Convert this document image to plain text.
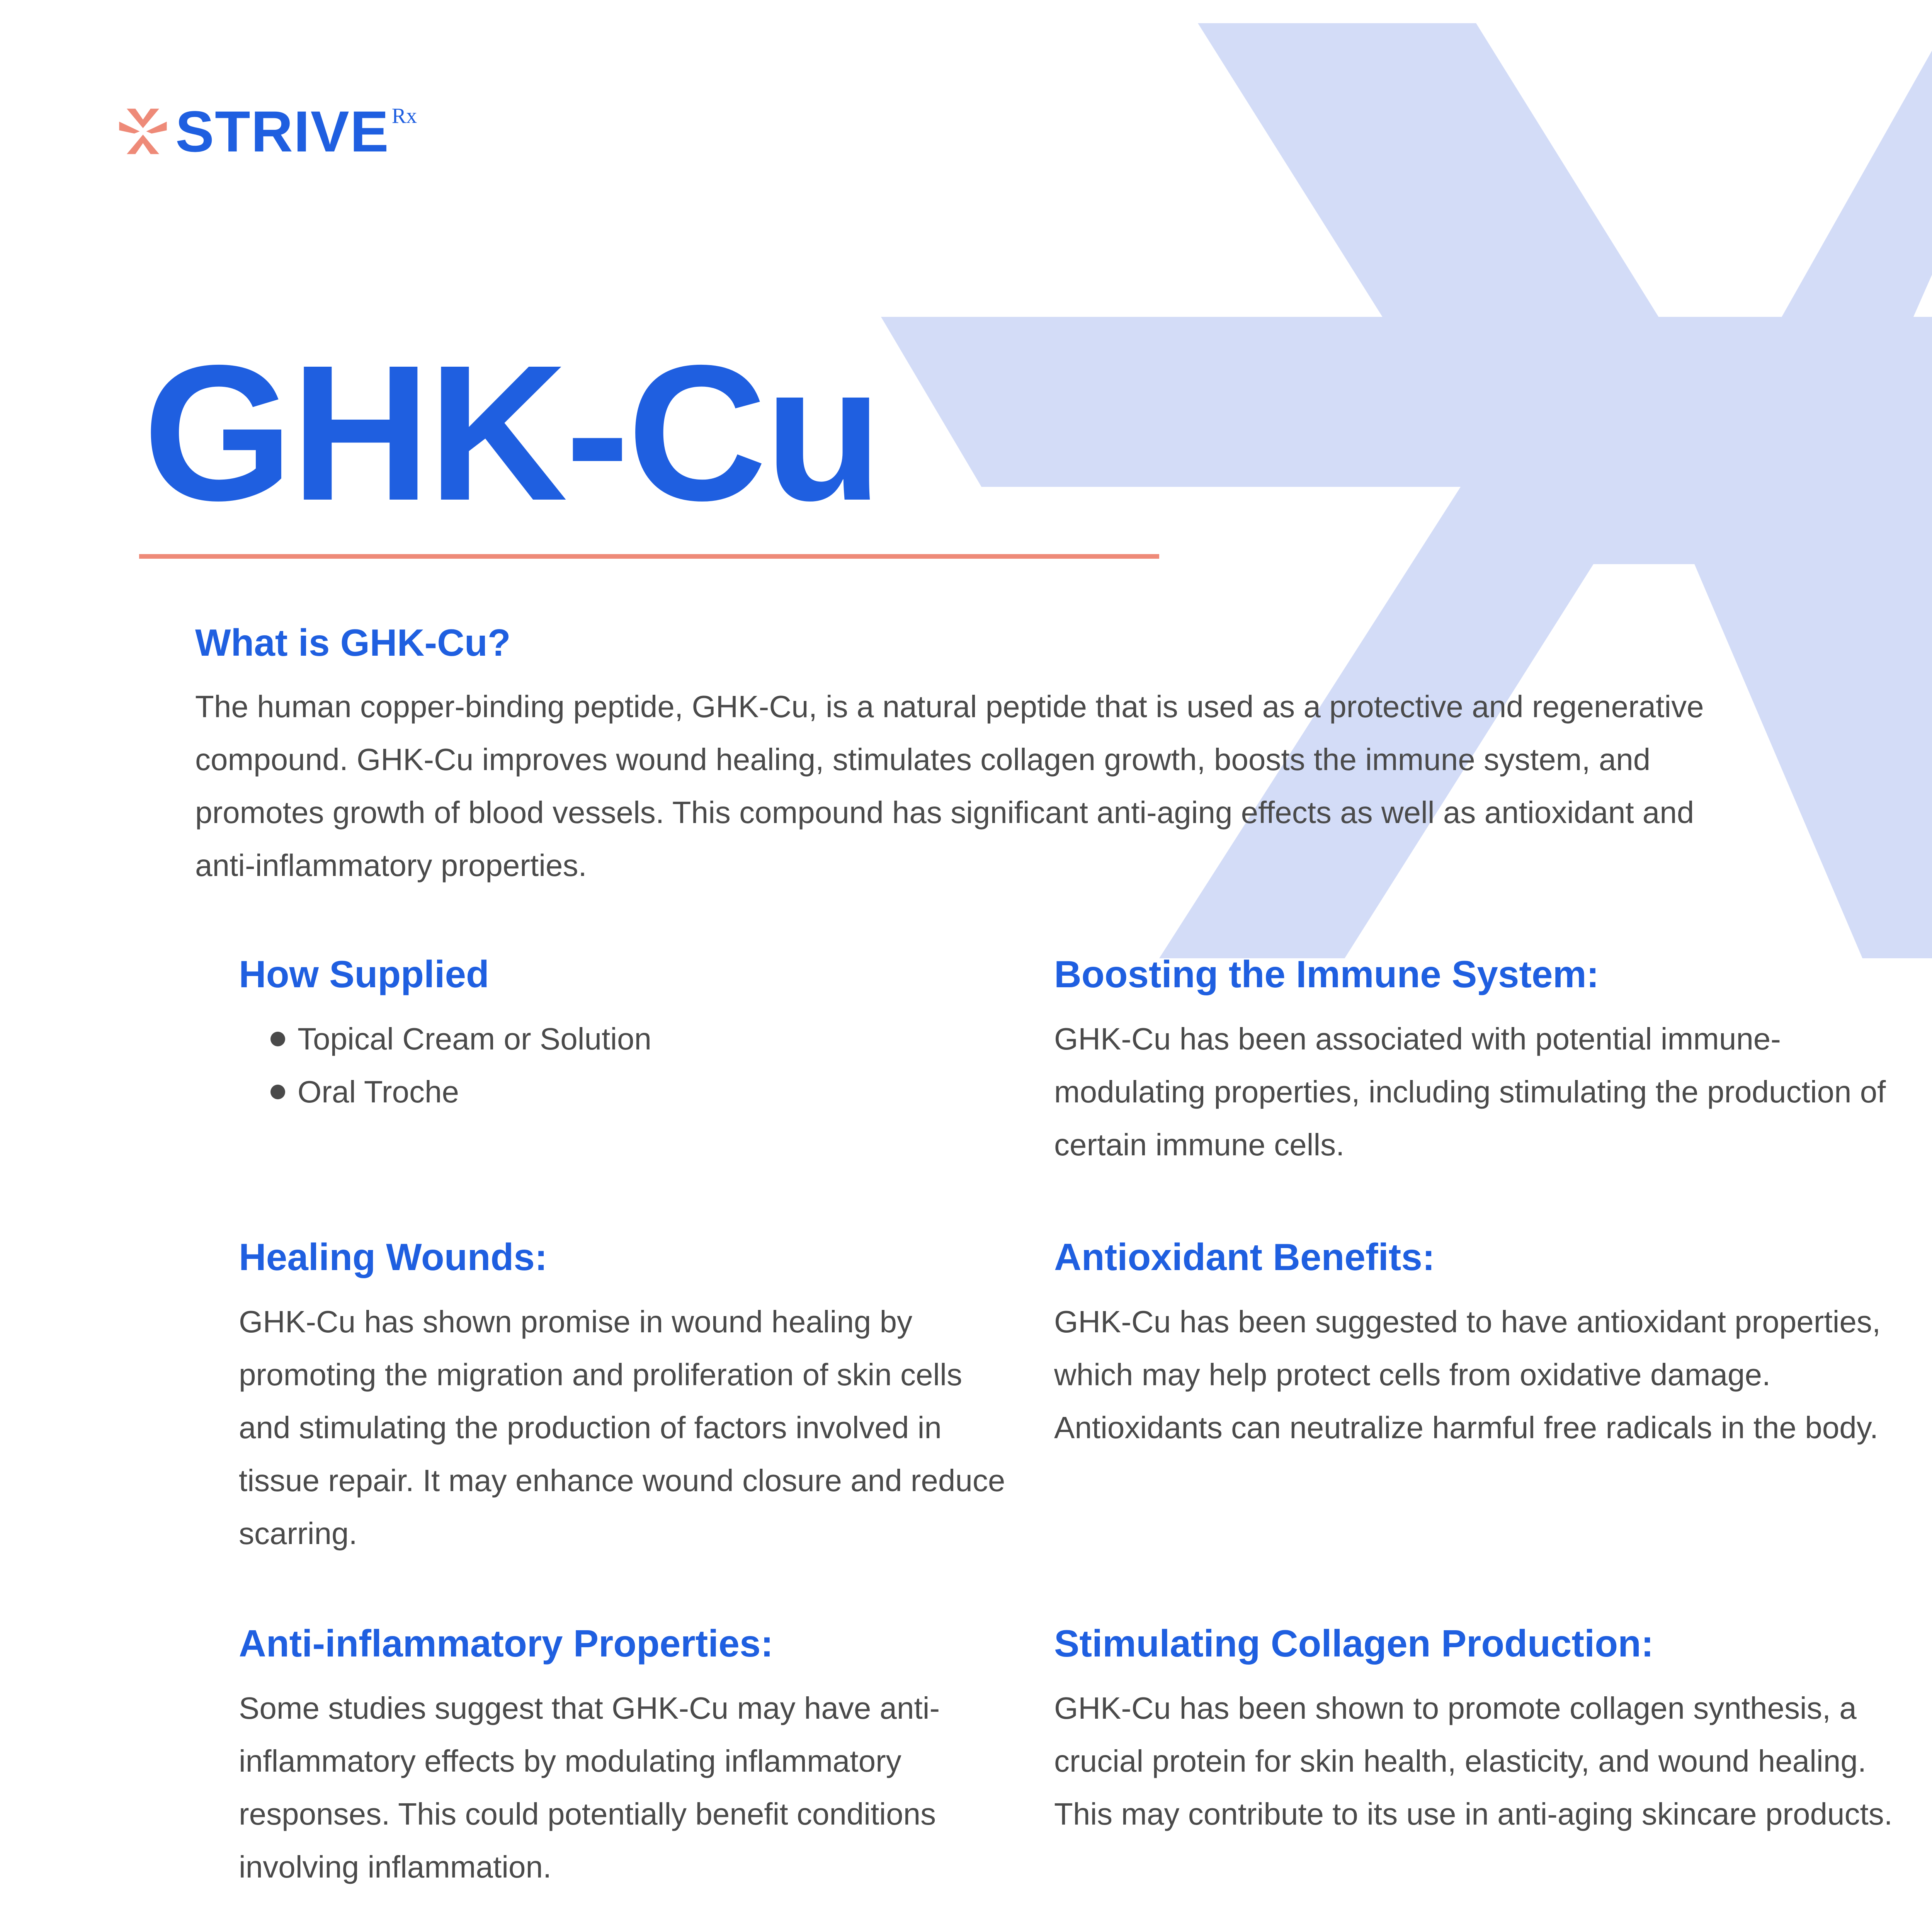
STRIVE Rx
GHK-Cu
What is GHK-Cu?
The human copper-binding peptide, GHK-Cu, is a natural peptide that is used as a protective and regenerative compound. GHK-Cu improves wound healing, stimulates collagen growth, boosts the immune system, and promotes growth of blood vessels. This compound has significant anti-aging effects as well as antioxidant and anti-inflammatory properties.
How Supplied
Topical Cream or Solution
Oral Troche
Boosting the Immune System:
GHK-Cu has been associated with potential immune-modulating properties, including stimulating the production of certain immune cells.
Healing Wounds:
GHK-Cu has shown promise in wound healing by promoting the migration and proliferation of skin cells and stimulating the production of factors involved in tissue repair. It may enhance wound closure and reduce scarring.
Antioxidant Benefits:
GHK-Cu has been suggested to have antioxidant properties, which may help protect cells from oxidative damage. Antioxidants can neutralize harmful free radicals in the body.
Anti-inflammatory Properties:
Some studies suggest that GHK-Cu may have anti-inflammatory effects by modulating inflammatory responses. This could potentially benefit conditions involving inflammation.
Stimulating Collagen Production:
GHK-Cu has been shown to promote collagen synthesis, a crucial protein for skin health, elasticity, and wound healing. This may contribute to its use in anti-aging skincare products.
